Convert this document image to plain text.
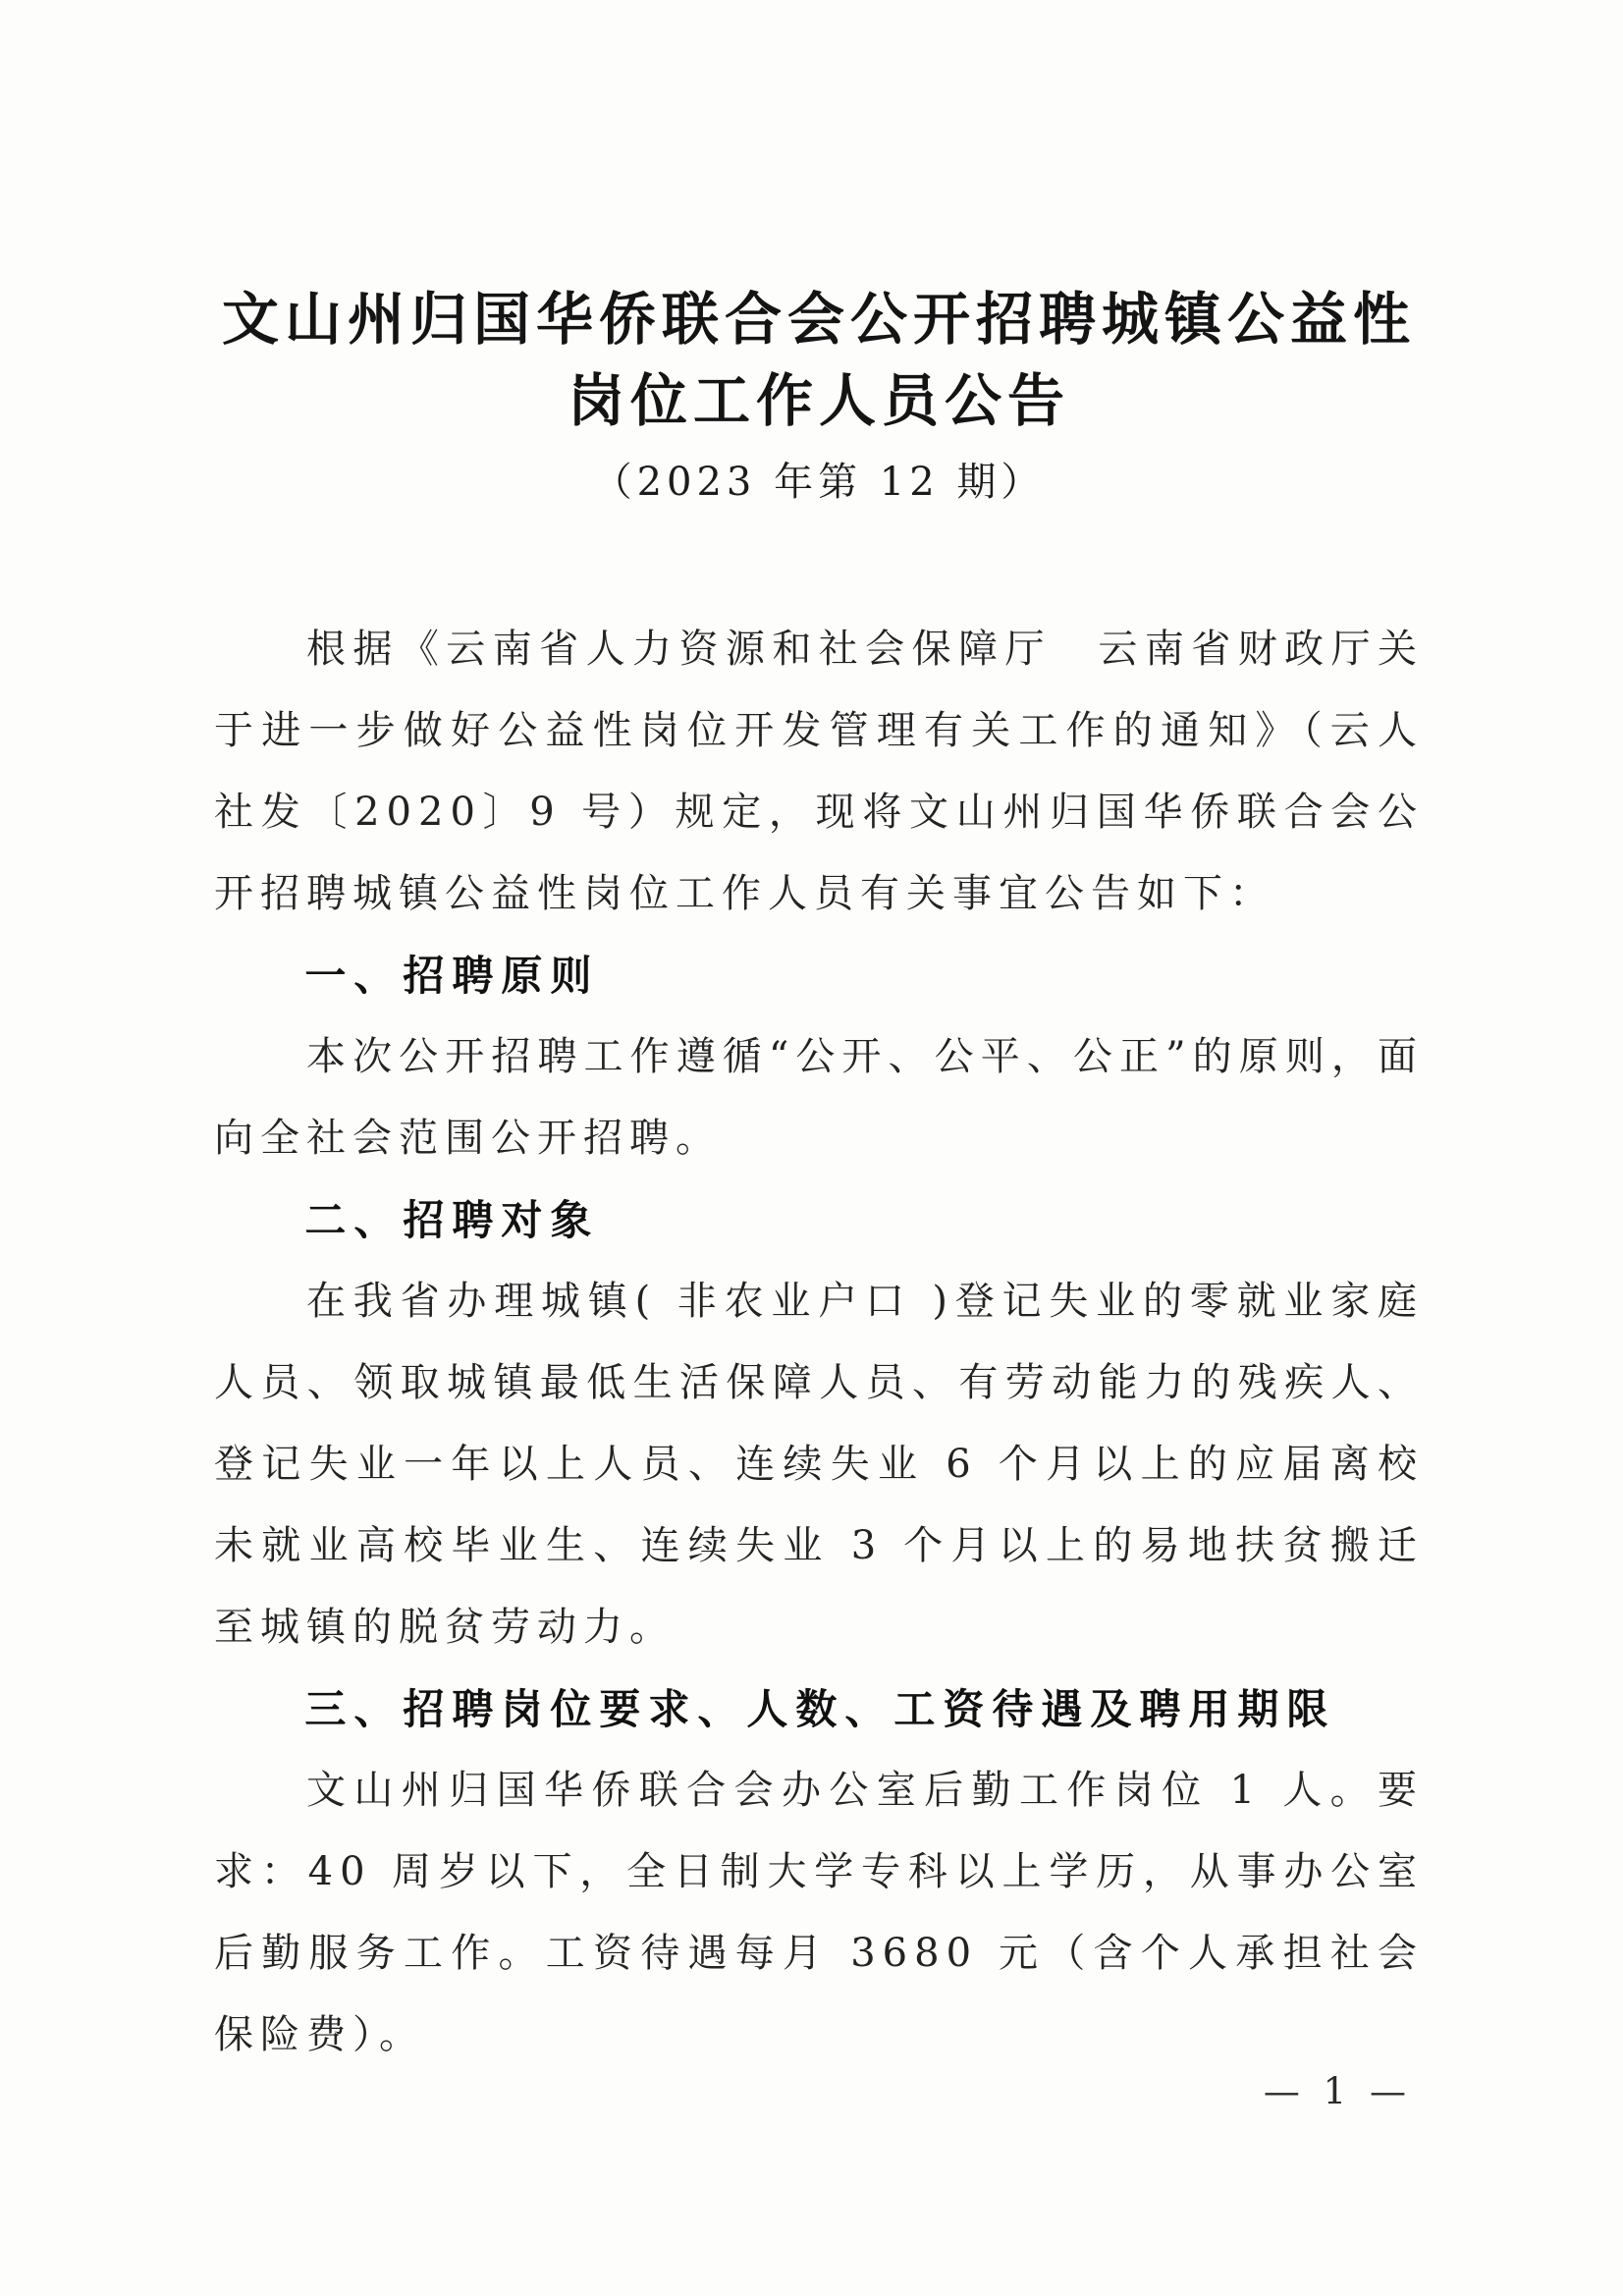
文山州归国华侨联合会公开招聘城镇公益性
岗位工作人员公告
（2023 年第 12 期）

根据《云南省人力资源和社会保障厅　云南省财政厅关于进一步做好公益性岗位开发管理有关工作的通知》（云人社发〔2020〕9 号）规定，现将文山州归国华侨联合会公开招聘城镇公益性岗位工作人员有关事宜公告如下：

一、招聘原则

本次公开招聘工作遵循“公开、公平、公正”的原则，面向全社会范围公开招聘。

二、招聘对象

在我省办理城镇( 非农业户口 )登记失业的零就业家庭人员、领取城镇最低生活保障人员、有劳动能力的残疾人、登记失业一年以上人员、连续失业 6 个月以上的应届离校未就业高校毕业生、连续失业 3 个月以上的易地扶贫搬迁至城镇的脱贫劳动力。

三、招聘岗位要求、人数、工资待遇及聘用期限

文山州归国华侨联合会办公室后勤工作岗位 1 人。要求：40 周岁以下，全日制大学专科以上学历，从事办公室后勤服务工作。工资待遇每月 3680 元（含个人承担社会保险费）。

— 1 —
